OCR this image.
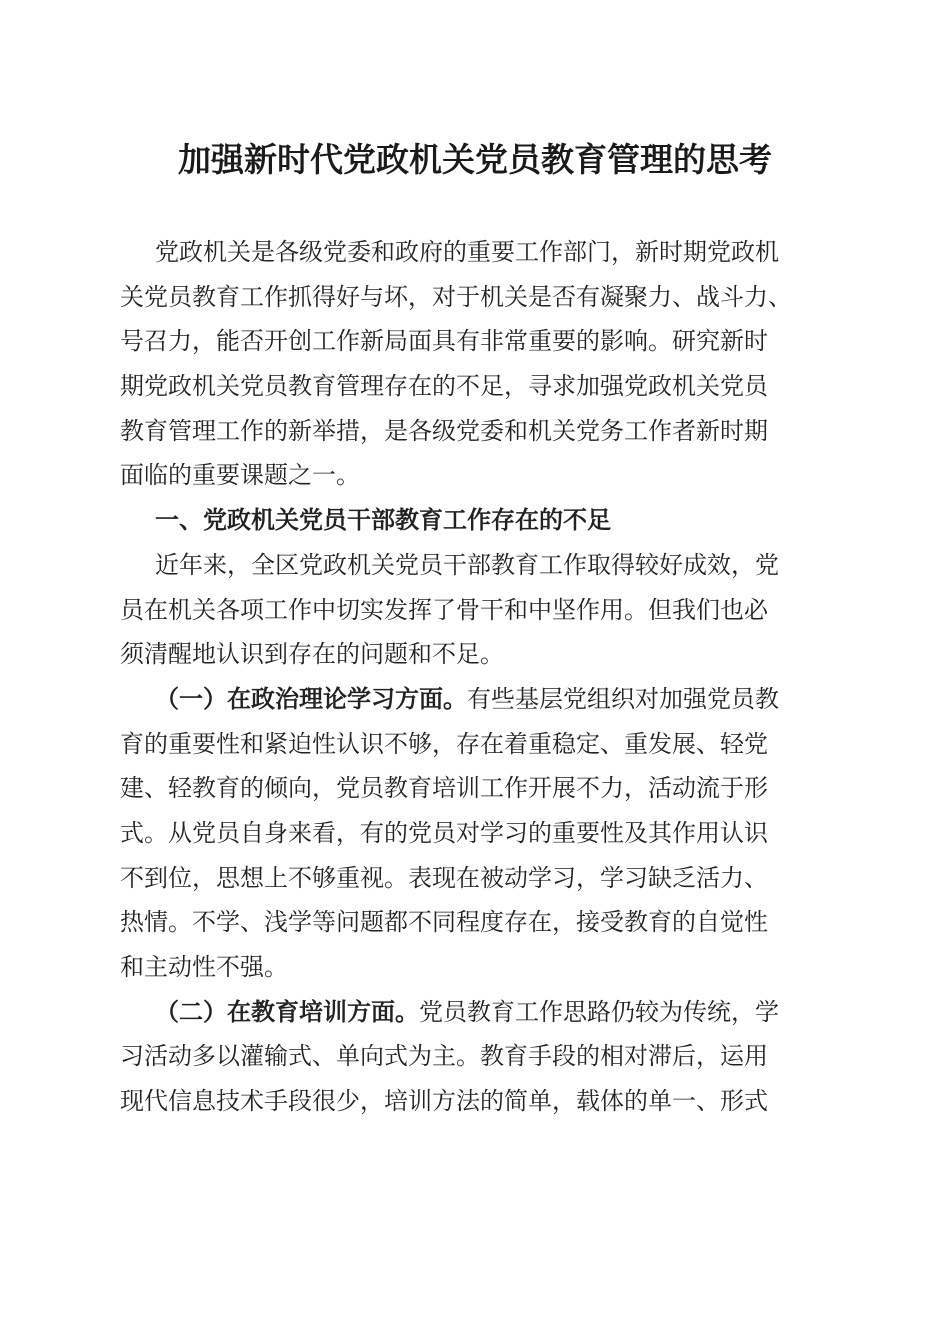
加强新时代党政机关党员教育管理的思考
党政机关是各级党委和政府的重要工作部门，新时期党政机
关党员教育工作抓得好与坏，对于机关是否有凝聚力、战斗力、
号召力，能否开创工作新局面具有非常重要的影响。研究新时
期党政机关党员教育管理存在的不足，寻求加强党政机关党员
教育管理工作的新举措，是各级党委和机关党务工作者新时期
面临的重要课题之一。
一、党政机关党员干部教育工作存在的不足
近年来，全区党政机关党员干部教育工作取得较好成效，党
员在机关各项工作中切实发挥了骨干和中坚作用。但我们也必
须清醒地认识到存在的问题和不足。
（一）在政治理论学习方面。有些基层党组织对加强党员教
育的重要性和紧迫性认识不够，存在着重稳定、重发展、轻党
建、轻教育的倾向，党员教育培训工作开展不力，活动流于形
式。从党员自身来看，有的党员对学习的重要性及其作用认识
不到位，思想上不够重视。表现在被动学习，学习缺乏活力、
热情。不学、浅学等问题都不同程度存在，接受教育的自觉性
和主动性不强。
（二）在教育培训方面。党员教育工作思路仍较为传统，学
习活动多以灌输式、单向式为主。教育手段的相对滞后，运用
现代信息技术手段很少，培训方法的简单，载体的单一、形式
